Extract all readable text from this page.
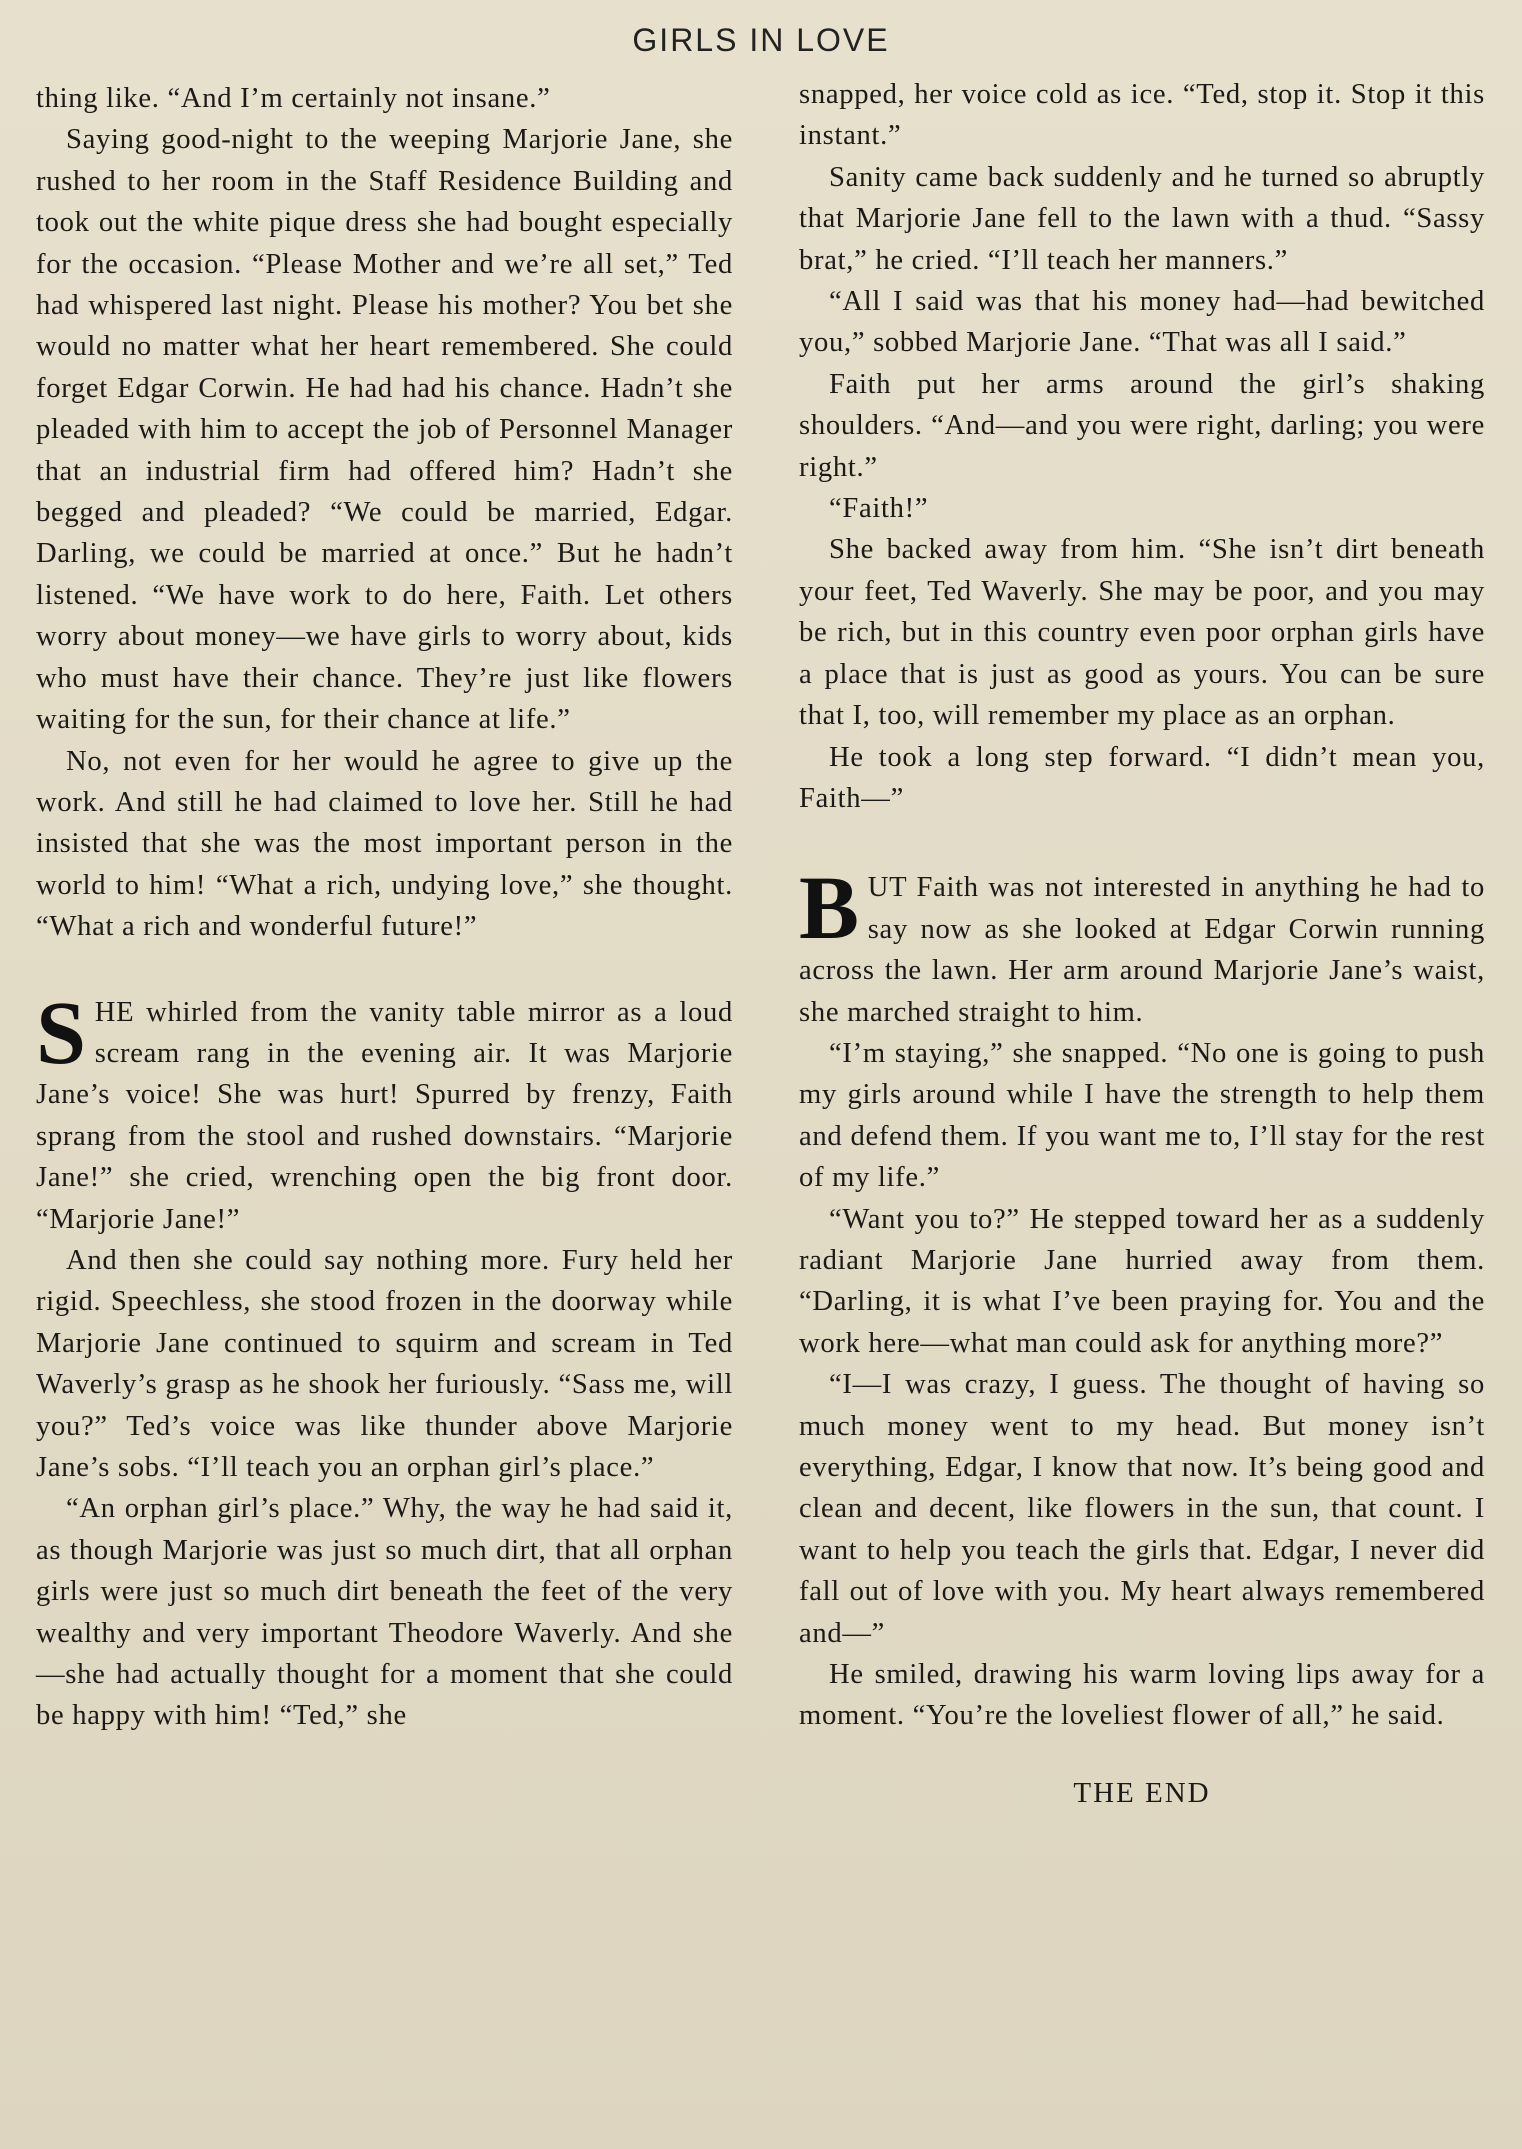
GIRLS IN LOVE

thing like. “And I’m certainly not insane.”

Saying good-night to the weeping Marjorie Jane, she rushed to her room in the Staff Residence Building and took out the white pique dress she had bought especially for the occasion. “Please Mother and we’re all set,” Ted had whispered last night. Please his mother? You bet she would no matter what her heart remembered. She could forget Edgar Corwin. He had had his chance. Hadn’t she pleaded with him to accept the job of Personnel Manager that an industrial firm had offered him? Hadn’t she begged and pleaded? “We could be married, Edgar. Darling, we could be married at once.” But he hadn’t listened. “We have work to do here, Faith. Let others worry about money—we have girls to worry about, kids who must have their chance. They’re just like flowers waiting for the sun, for their chance at life.”

No, not even for her would he agree to give up the work. And still he had claimed to love her. Still he had insisted that she was the most important person in the world to him! “What a rich, undying love,” she thought. “What a rich and wonderful future!”

SHE whirled from the vanity table mirror as a loud scream rang in the evening air. It was Marjorie Jane’s voice! She was hurt! Spurred by frenzy, Faith sprang from the stool and rushed downstairs. “Marjorie Jane!” she cried, wrenching open the big front door. “Marjorie Jane!”

And then she could say nothing more. Fury held her rigid. Speechless, she stood frozen in the doorway while Marjorie Jane continued to squirm and scream in Ted Waverly’s grasp as he shook her furiously. “Sass me, will you?” Ted’s voice was like thunder above Marjorie Jane’s sobs. “I’ll teach you an orphan girl’s place.”

“An orphan girl’s place.” Why, the way he had said it, as though Marjorie was just so much dirt, that all orphan girls were just so much dirt beneath the feet of the very wealthy and very important Theodore Waverly. And she—she had actually thought for a moment that she could be happy with him! “Ted,” she

snapped, her voice cold as ice. “Ted, stop it. Stop it this instant.”

Sanity came back suddenly and he turned so abruptly that Marjorie Jane fell to the lawn with a thud. “Sassy brat,” he cried. “I’ll teach her manners.”

“All I said was that his money had—had bewitched you,” sobbed Marjorie Jane. “That was all I said.”

Faith put her arms around the girl’s shaking shoulders. “And—and you were right, darling; you were right.”

“Faith!”

She backed away from him. “She isn’t dirt beneath your feet, Ted Waverly. She may be poor, and you may be rich, but in this country even poor orphan girls have a place that is just as good as yours. You can be sure that I, too, will remember my place as an orphan.

He took a long step forward. “I didn’t mean you, Faith—”

BUT Faith was not interested in anything he had to say now as she looked at Edgar Corwin running across the lawn. Her arm around Marjorie Jane’s waist, she marched straight to him.

“I’m staying,” she snapped. “No one is going to push my girls around while I have the strength to help them and defend them. If you want me to, I’ll stay for the rest of my life.”

“Want you to?” He stepped toward her as a suddenly radiant Marjorie Jane hurried away from them. “Darling, it is what I’ve been praying for. You and the work here—what man could ask for anything more?”

“I—I was crazy, I guess. The thought of having so much money went to my head. But money isn’t everything, Edgar, I know that now. It’s being good and clean and decent, like flowers in the sun, that count. I want to help you teach the girls that. Edgar, I never did fall out of love with you. My heart always remembered and—”

He smiled, drawing his warm loving lips away for a moment. “You’re the loveliest flower of all,” he said.

THE END
